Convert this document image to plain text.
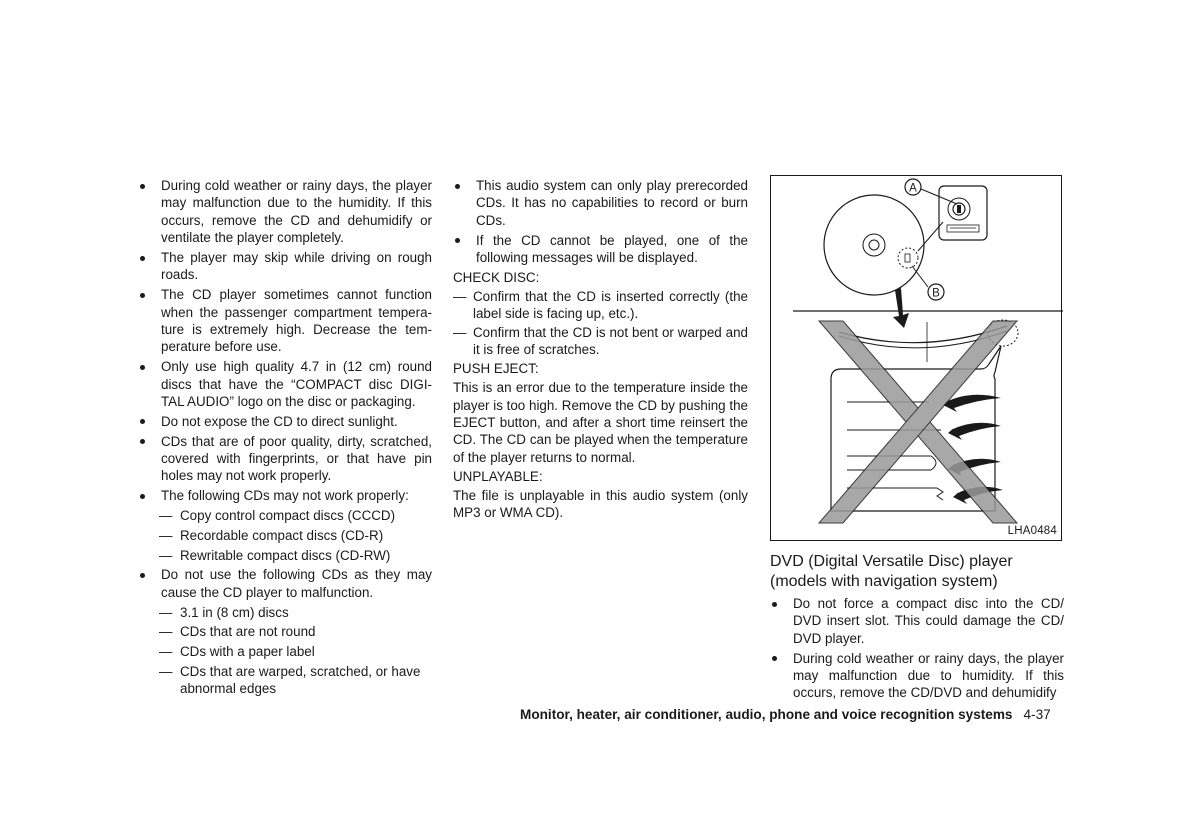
During cold weather or rainy days, the player may malfunction due to the humidity. If this occurs, remove the CD and dehumidify or ventilate the player completely.
The player may skip while driving on rough roads.
The CD player sometimes cannot function when the passenger compartment tempera-ture is extremely high. Decrease the tem-perature before use.
Only use high quality 4.7 in (12 cm) round discs that have the “COMPACT disc DIGI-TAL AUDIO” logo on the disc or packaging.
Do not expose the CD to direct sunlight.
CDs that are of poor quality, dirty, scratched, covered with fingerprints, or that have pin holes may not work properly.
The following CDs may not work properly:
— Copy control compact discs (CCCD)
— Recordable compact discs (CD-R)
— Rewritable compact discs (CD-RW)
Do not use the following CDs as they may cause the CD player to malfunction.
— 3.1 in (8 cm) discs
— CDs that are not round
— CDs with a paper label
— CDs that are warped, scratched, or have abnormal edges
This audio system can only play prerecorded CDs. It has no capabilities to record or burn CDs.
If the CD cannot be played, one of the following messages will be displayed.
CHECK DISC:
— Confirm that the CD is inserted correctly (the label side is facing up, etc.).
— Confirm that the CD is not bent or warped and it is free of scratches.
PUSH EJECT:
This is an error due to the temperature inside the player is too high. Remove the CD by pushing the EJECT button, and after a short time reinsert the CD. The CD can be played when the temperature of the player returns to normal.
UNPLAYABLE:
The file is unplayable in this audio system (only MP3 or WMA CD).
A
B
LHA0484
DVD (Digital Versatile Disc) player (models with navigation system)
Do not force a compact disc into the CD/ DVD insert slot. This could damage the CD/ DVD player.
During cold weather or rainy days, the player may malfunction due to humidity. If this occurs, remove the CD/DVD and dehumidify
Monitor, heater, air conditioner, audio, phone and voice recognition systems 4-37
